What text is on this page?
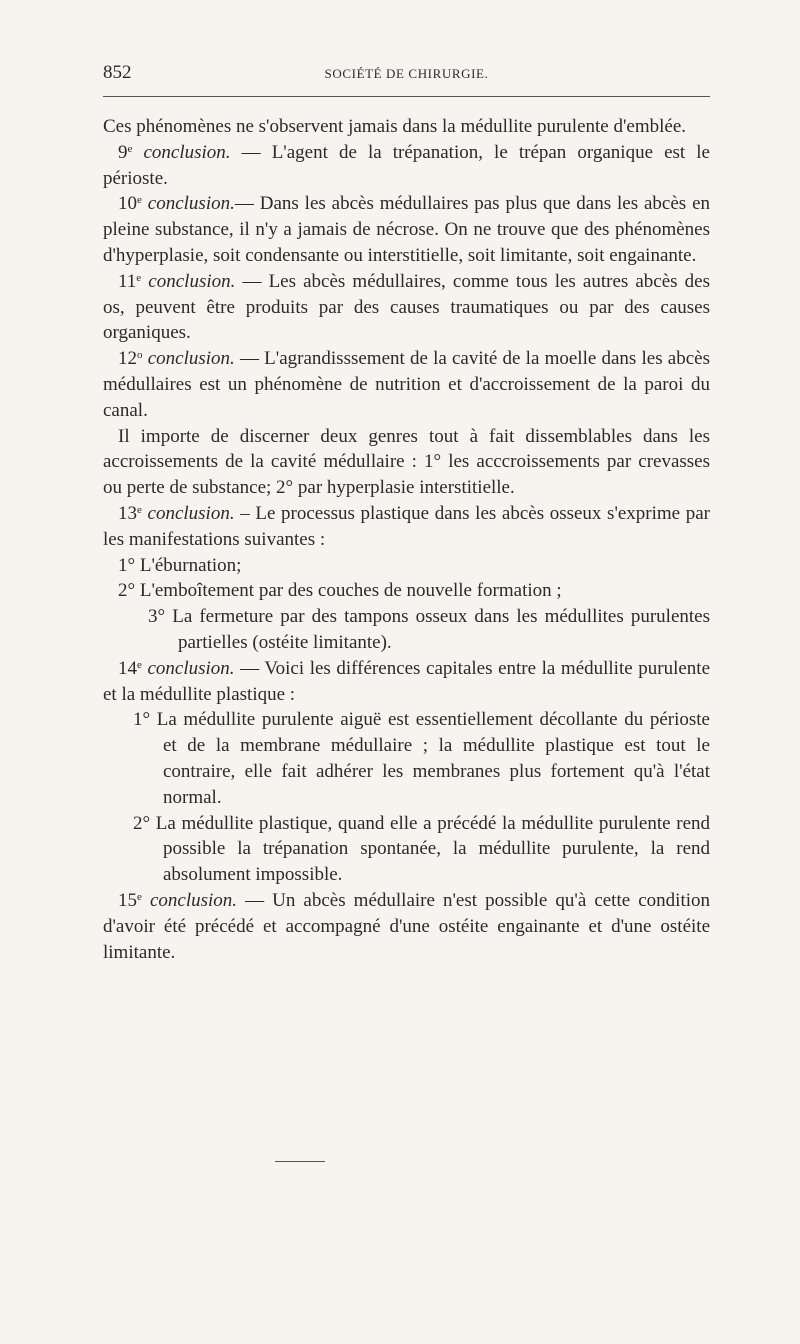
852	SOCIÉTÉ DE CHIRURGIE.

Ces phénomènes ne s'observent jamais dans la médullite purulente d'emblée.

9e conclusion. — L'agent de la trépanation, le trépan organique est le périoste.

10e conclusion.— Dans les abcès médullaires pas plus que dans les abcès en pleine substance, il n'y a jamais de nécrose. On ne trouve que des phénomènes d'hyperplasie, soit condensante ou interstitielle, soit limitante, soit engainante.

11e conclusion. — Les abcès médullaires, comme tous les autres abcès des os, peuvent être produits par des causes traumatiques ou par des causes organiques.

12$^o$ conclusion. — L'agrandisssement de la cavité de la moelle dans les abcès médullaires est un phénomène de nutrition et d'accroissement de la paroi du canal.

Il importe de discerner deux genres tout à fait dissemblables dans les accroissements de la cavité médullaire : 1° les acccroissements par crevasses ou perte de substance; 2° par hyperplasie interstitielle.

13e conclusion. – Le processus plastique dans les abcès osseux s'exprime par les manifestations suivantes :

1° L'éburnation;

2° L'emboîtement par des couches de nouvelle formation ;

3° La fermeture par des tampons osseux dans les médullites purulentes partielles (ostéite limitante).

14e conclusion. — Voici les différences capitales entre la médullite purulente et la médullite plastique :

1° La médullite purulente aiguë est essentiellement décollante du périoste et de la membrane médullaire ; la médullite plastique est tout le contraire, elle fait adhérer les membranes plus fortement qu'à l'état normal.

2° La médullite plastique, quand elle a précédé la médullite purulente rend possible la trépanation spontanée, la médullite purulente, la rend absolument impossible.

15e conclusion. — Un abcès médullaire n'est possible qu'à cette condition d'avoir été précédé et accompagné d'une ostéite engainante et d'une ostéite limitante.
